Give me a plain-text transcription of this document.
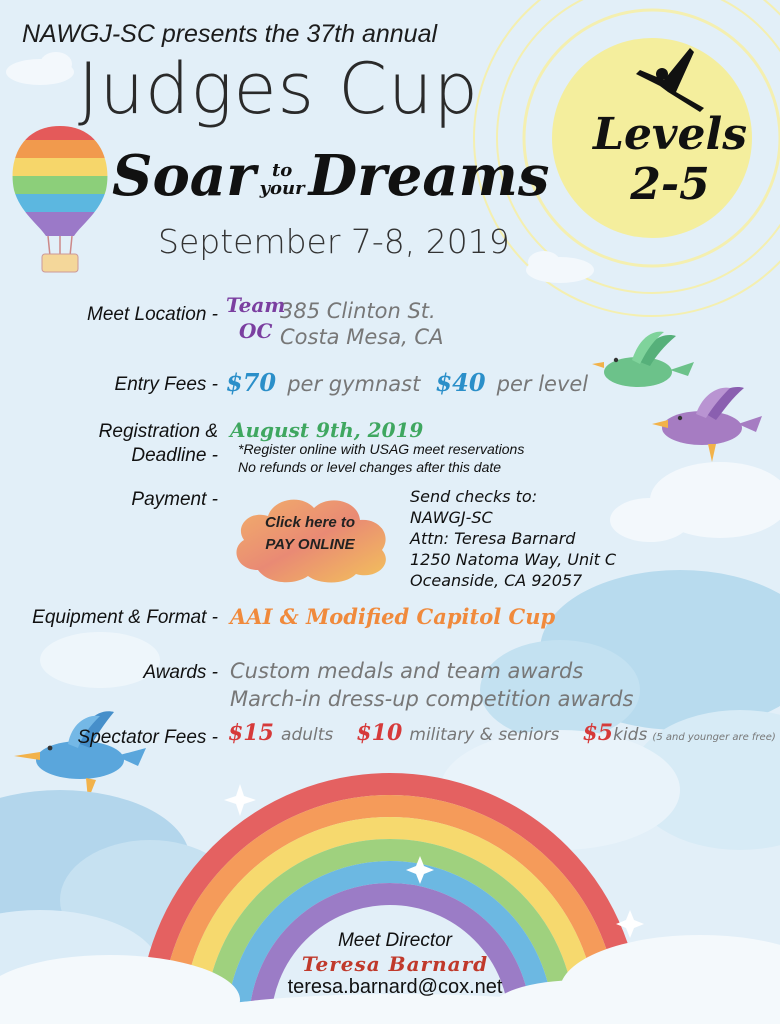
NAWGJ-SC presents the 37th annual
Judges Cup
Soar to
yourDreams
September 7-8, 2019
Levels
2-5
Meet Location - Team
OC
385 Clinton St.
Costa Mesa, CA
Entry Fees - $70 per gymnast $40 per level
Registration &
Deadline -
August 9th, 2019
*Register online with USAG meet reservations
No refunds or level changes after this date
Payment -
Click here to
PAY ONLINE
Send checks to:
NAWGJ-SC
Attn: Teresa Barnard
1250 Natoma Way, Unit C
Oceanside, CA 92057
Equipment & Format - AAI & Modified Capitol Cup
Awards - Custom medals and team awards
March-in dress-up competition awards
Spectator Fees - $15 adults $10 military & seniors $5kids (5 and younger are free)
Meet Director
Teresa Barnard
teresa.barnard@cox.net
